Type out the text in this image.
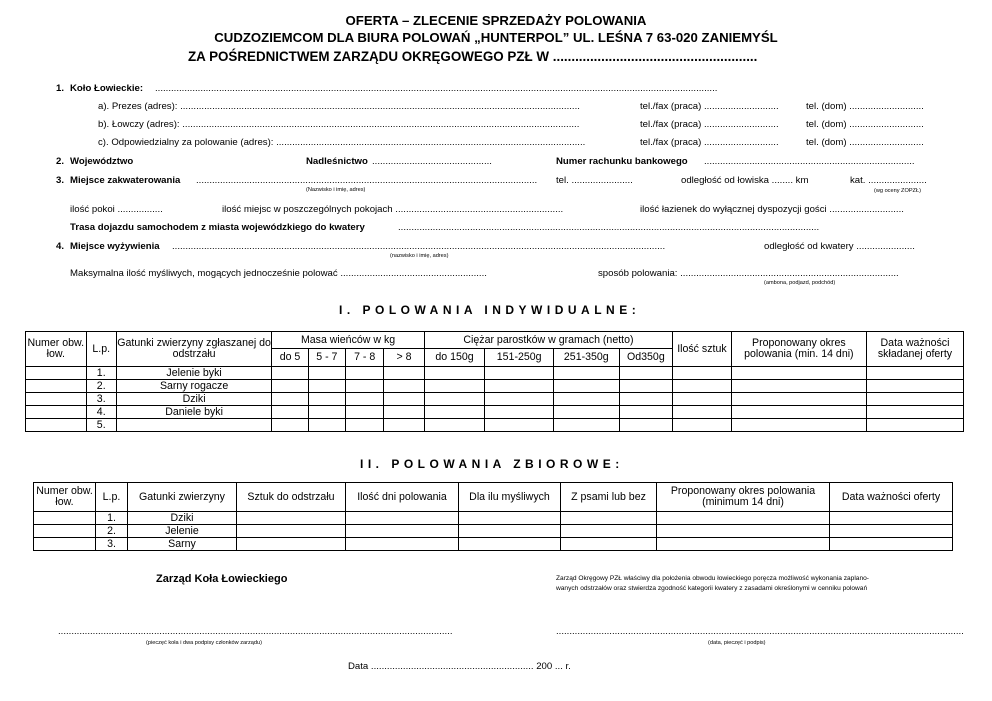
OFERTA – ZLECENIE SPRZEDAŻY POLOWANIA
CUDZOZIEMCOM DLA BIURA POLOWAŃ „HUNTERPOL” UL. LEŚNA 7 63-020 ZANIEMYŚL
ZA POŚREDNICTWEM ZARZĄDU OKRĘGOWEGO PZŁ W .......................................................
1. Koło Łowieckie: ...................................................................................................................................................................................................................
a). Prezes (adres): ......................................................................................................................................................	tel./fax (praca) ............................	tel. (dom) ............................
b). Łowczy (adres): .....................................................................................................................................................	tel./fax (praca) ............................	tel. (dom) ............................
c). Odpowiedzialny za polowanie (adres): ....................................................................................................................	tel./fax (praca) ............................	tel. (dom) ............................
2. Województwo	Nadleśnictwo .............................................	Numer rachunku bankowego ...............................................................................
3. Miejsce zakwaterowania ................................................................................................................................ tel. .......................	odległość od łowiska ........ km	kat. ......................
(Nazwisko i imię, adres)	(wg oceny ZOPZŁ)
ilość pokoi .................	ilość miejsc w poszczególnych pokojach ...............................................................	ilość łazienek do wyłącznej dyspozycji gości ............................
Trasa dojazdu samochodem z miasta wojewódzkiego do kwatery	..............................................................................................................................................................
4. Miejsce wyżywienia .........................................................................................................................................................................................	odległość od kwatery ......................
(nazwisko i imię, adres)
Maksymalna ilość myśliwych, mogących jednocześnie polować .......................................................	sposób polowania: ..................................................................................
(ambona, podjazd, podchód)
I. POLOWANIA INDYWIDUALNE:
Numer obw. łow.	L.p.	Gatunki zwierzyny zgłaszanej do odstrzału	Masa wieńców w kg				Ciężar parostków w gramach (netto)				Ilość sztuk	Proponowany okres polowania (min. 14 dni)	Data ważności składanej oferty
			do 5	5 - 7	7 - 8	> 8	do 150g	151-250g	251-350g	Od350g			
	1.	Jelenie byki											
	2.	Sarny rogacze											
	3.	Dziki											
	4.	Daniele byki											
	5.												
II. POLOWANIA ZBIOROWE:
Numer obw. łow.	L.p.	Gatunki zwierzyny	Sztuk do odstrzału	Ilość dni polowania	Dla ilu myśliwych	Z psami lub bez	Proponowany okres polowania (minimum 14 dni)	Data ważności oferty
	1.	Dziki						
	2.	Jelenie						
	3.	Sarny						
Zarząd Koła Łowieckiego	Zarząd Okręgowy PZŁ właściwy dla położenia obwodu łowieckiego poręcza możliwość wykonania zaplano-
wanych odstrzałów oraz stwierdza zgodność kategorii kwatery z zasadami określonymi w cenniku polowań
....................................................................................................................................................
(pieczęć koła i dwa podpisy członków zarządu)
.........................................................................................................................................................
(data, pieczęć i podpis)
Data ............................................................. 200 ... r.
